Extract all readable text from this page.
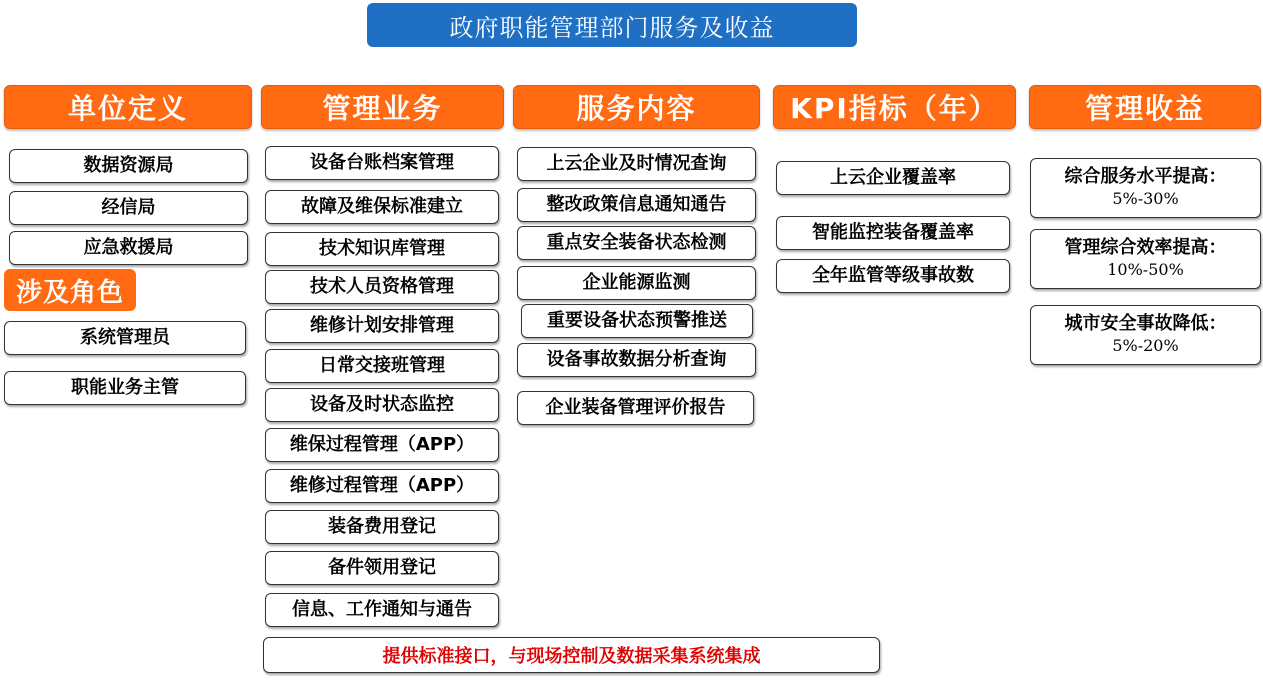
政府职能管理部门服务及收益
单位定义	管理业务	服务内容	KPI指标（年）	管理收益
数据资源局
经信局
应急救援局
涉及角色
系统管理员
职能业务主管
设备台账档案管理
故障及维保标准建立
技术知识库管理
技术人员资格管理
维修计划安排管理
日常交接班管理
设备及时状态监控
维保过程管理（APP）
维修过程管理（APP）
装备费用登记
备件领用登记
信息、工作通知与通告
上云企业及时情况查询
整改政策信息通知通告
重点安全装备状态检测
企业能源监测
重要设备状态预警推送
设备事故数据分析查询
企业装备管理评价报告
上云企业覆盖率
智能监控装备覆盖率
全年监管等级事故数
综合服务水平提高：
5%-30%
管理综合效率提高：
10%-50%
城市安全事故降低：
5%-20%
提供标准接口，与现场控制及数据采集系统集成
